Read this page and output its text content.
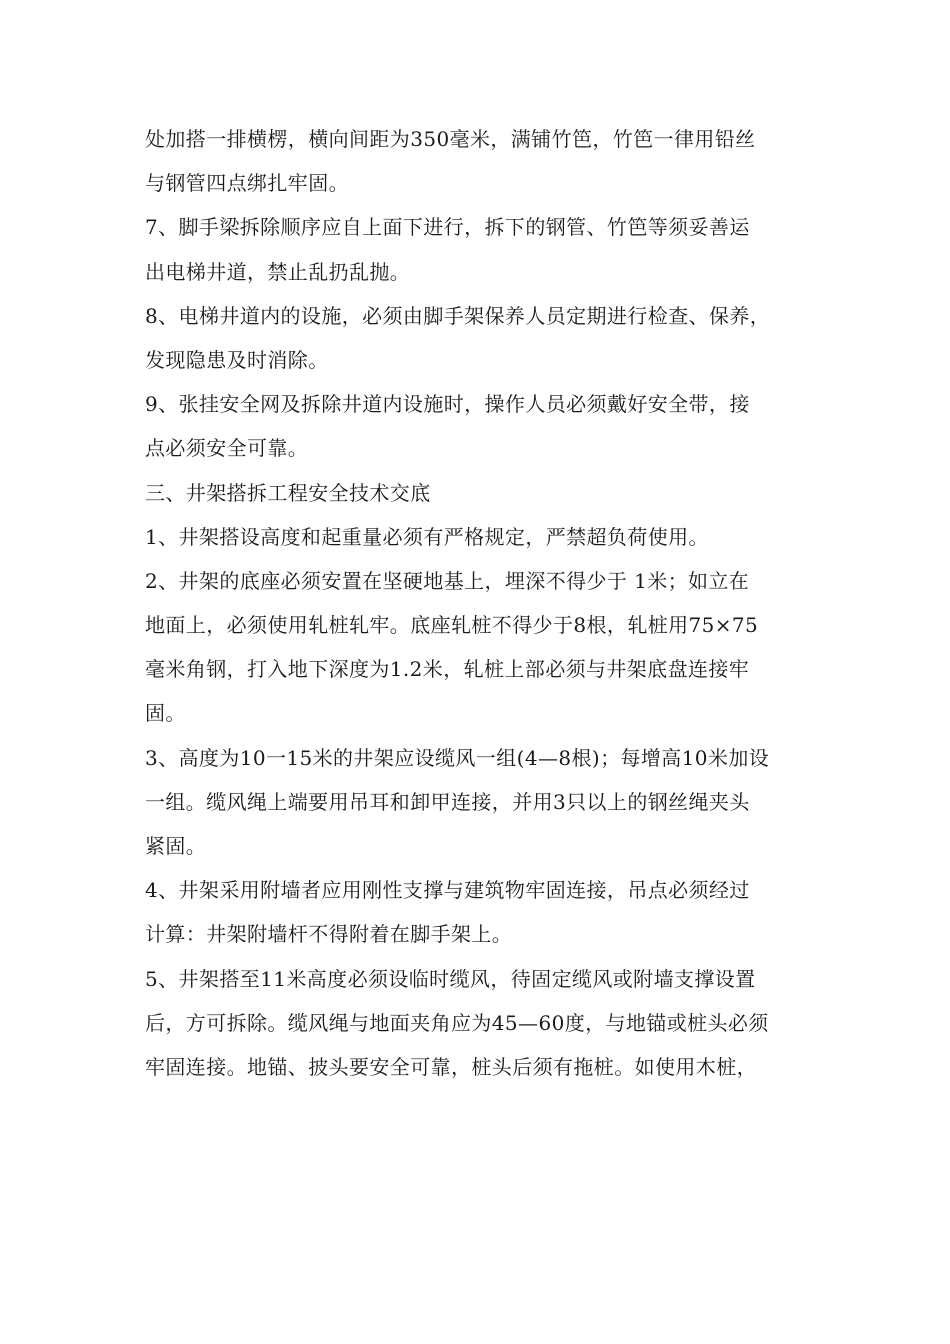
处加搭一排横楞，横向间距为350毫米，满铺竹笆，竹笆一律用铅丝
与钢管四点绑扎牢固。
7、脚手梁拆除顺序应自上面下进行，拆下的钢管、竹笆等须妥善运
出电梯井道，禁止乱扔乱抛。
8、电梯井道内的设施，必须由脚手架保养人员定期进行检查、保养，
发现隐患及时消除。
9、张挂安全网及拆除井道内设施时，操作人员必须戴好安全带，接
点必须安全可靠。
三、井架搭拆工程安全技术交底
1、井架搭设高度和起重量必须有严格规定，严禁超负荷使用。
2、井架的底座必须安置在坚硬地基上，埋深不得少于 1米；如立在
地面上，必须使用轧桩轧牢。底座轧桩不得少于8根，轧桩用75×75
毫米角钢，打入地下深度为1.2米，轧桩上部必须与井架底盘连接牢
固。
3、高度为10一15米的井架应设缆风一组(4—8根)；每增高10米加设
一组。缆风绳上端要用吊耳和卸甲连接，并用3只以上的钢丝绳夹头
紧固。
4、井架采用附墙者应用刚性支撑与建筑物牢固连接，吊点必须经过
计算：井架附墙杆不得附着在脚手架上。
5、井架搭至11米高度必须设临时缆风，待固定缆风或附墙支撑设置
后，方可拆除。缆风绳与地面夹角应为45—60度，与地锚或桩头必须
牢固连接。地锚、披头要安全可靠，桩头后须有拖桩。如使用木桩，
